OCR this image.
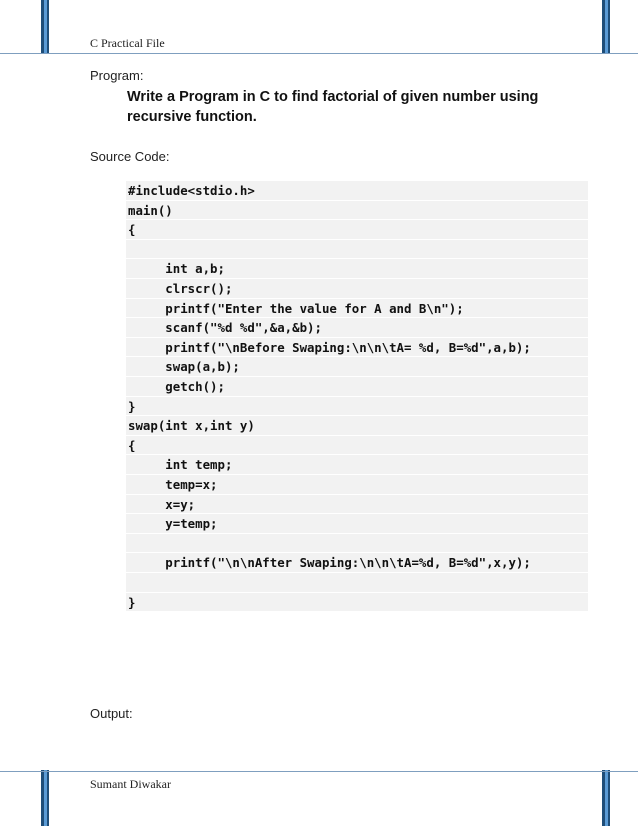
C Practical File
Program:
Write a Program in C to find factorial of given number using
recursive function.
Source Code:
#include<stdio.h>
main()
{
int a,b;
clrscr();
printf("Enter the value for A and B\n");
scanf("%d %d",&a,&b);
printf("\nBefore Swaping:\n\n\tA= %d, B=%d",a,b);
swap(a,b);
getch();
}
swap(int x,int y)
{
int temp;
temp=x;
x=y;
y=temp;
printf("\n\nAfter Swaping:\n\n\tA=%d, B=%d",x,y);
}
Output:
Sumant Diwakar
